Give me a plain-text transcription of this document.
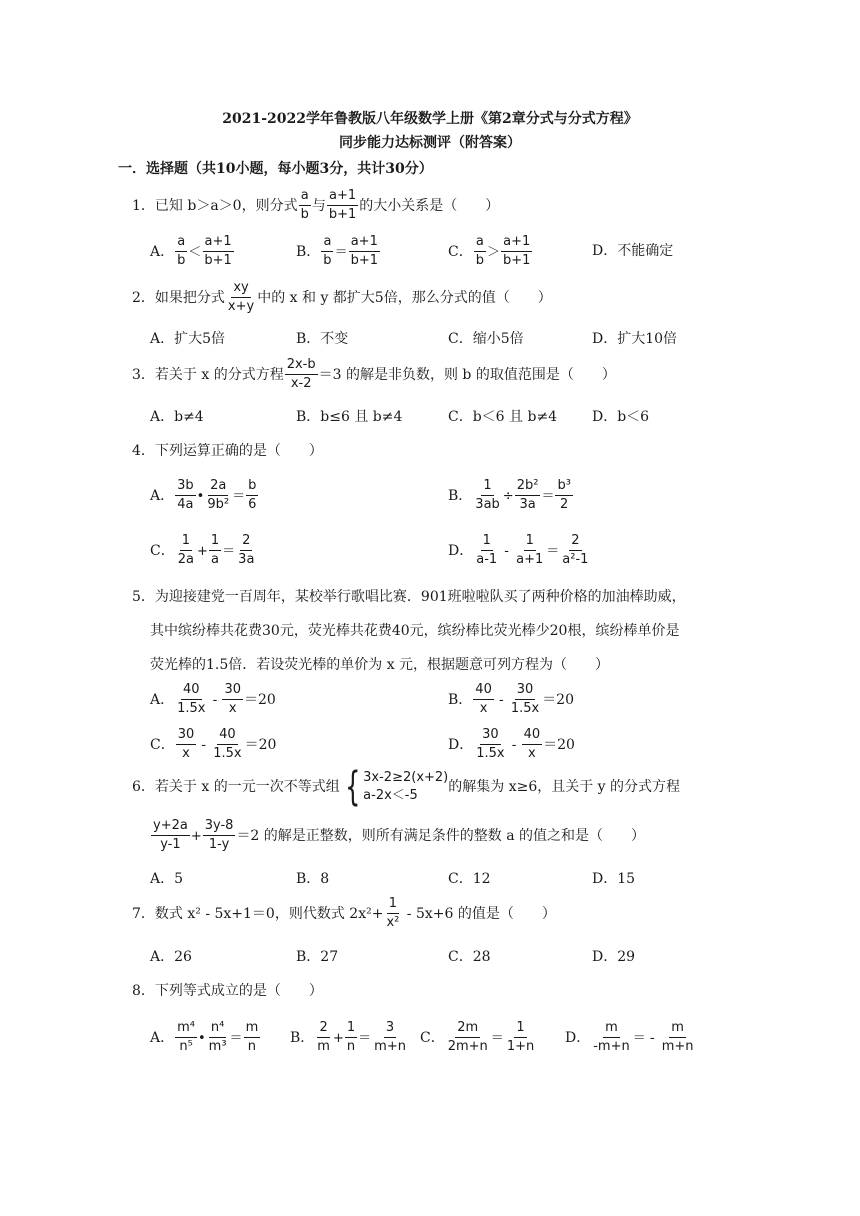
2021-2022学年鲁教版八年级数学上册《第2章分式与分式方程》
同步能力达标测评（附答案）
一．选择题（共10小题，每小题3分，共计30分）
1．已知 b＞a＞0，则分式 $\frac{a}{b}$ 与 $\frac{a+1}{b+1}$ 的大小关系是（　　）
A． $\frac{a}{b} < \frac{a+1}{b+1}$	B． $\frac{a}{b} = \frac{a+1}{b+1}$	C． $\frac{a}{b} > \frac{a+1}{b+1}$	D．不能确定
2．如果把分式 $\frac{xy}{x+y}$ 中的 x 和 y 都扩大5倍，那么分式的值（　　）
A．扩大5倍	B．不变	C．缩小5倍	D．扩大10倍
3．若关于 x 的分式方程 $\frac{2x-b}{x-2} =3$ 的解是非负数，则 b 的取值范围是（　　）
A．b≠4	B．b≤6 且 b≠4	C．b＜6 且 b≠4 D．b＜6
4．下列运算正确的是（　　）
A． $\frac{3b}{4a}$ • $\frac{2a}{\text{9b²}} = \frac{b}{6}$	B． $\frac{1}{3ab} \div \frac{\text{2b²}}{3a} = \frac{\text{b³}}{2}$
C． $\frac{1}{2a} + \frac{1}{a} = \frac{2}{3a}$	D． $\frac{1}{a-1} - \frac{1}{a+1} = \frac{2}{\text{a²-1}}$
5．为迎接建党一百周年，某校举行歌唱比赛．901班啦啦队买了两种价格的加油棒助威，
其中缤纷棒共花费30元，荧光棒共花费40元，缤纷棒比荧光棒少20根，缤纷棒单价是
荧光棒的1.5倍．若设荧光棒的单价为 x 元，根据题意可列方程为（　　）
A． $\frac{40}{1.5x} - \frac{30}{x} =20$	B． $\frac{40}{x} - \frac{30}{1.5x} =20$
C． $\frac{30}{x} - \frac{40}{1.5x} =20$	D． $\frac{30}{1.5x} - \frac{40}{x} =20$
6．若关于 x 的一元一次不等式组 { 3x-2≥2(x+2)
a-2x＜-5
的解集为 x≥6，且关于 y 的分式方程
$\frac{y+2a}{y-1} + \frac{3y-8}{1-y} =2$ 的解是正整数，则所有满足条件的整数 a 的值之和是（　　）
A．5	B．8	C．12	D．15
7．数式 x² - 5x+1＝0，则代数式 $2x^2+ \frac{1}{\text{x²}} - 5x+6$ 的值是（　　）
A．26	B．27	C．28	D．29
8．下列等式成立的是（　　）
A． $\frac{\text{m⁴}}{\text{n⁵}}$ • $\frac{\text{n⁴}}{\text{m³}} = \frac{m}{n}$ B． $\frac{2}{m} + \frac{1}{n} = \frac{3}{m+n}$ C． $\frac{2m}{2m+n} = \frac{1}{1+n}$ D． $\frac{m}{-m+n}$ ＝ - $\frac{m}{m+n}$
